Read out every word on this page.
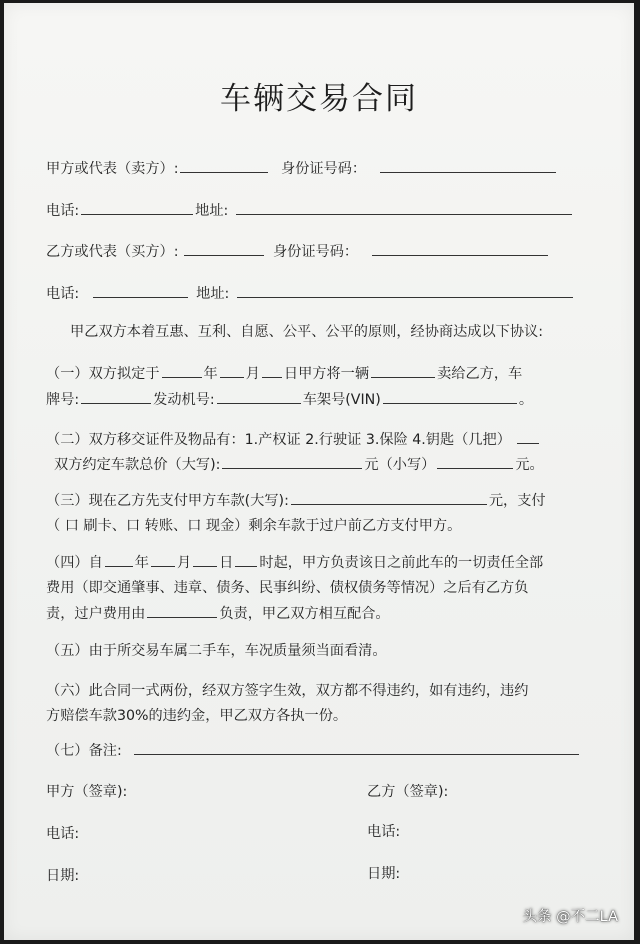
车辆交易合同
甲方或代表（卖方）:	身份证号码：
电话:	地址:
乙方或代表（买方）:	身份证号码：
电话:	地址:
甲乙双方本着互惠、互利、自愿、公平、公平的原则，经协商达成以下协议:
（一）双方拟定于	年 月 日甲方将一辆	卖给乙方，车
牌号:	发动机号:	车架号(VIN)	。
（二）双方移交证件及物品有：1.产权证 2.行驶证 3.保险 4.钥匙（几把）
双方约定车款总价（大写):	元（小写）	元。
（三）现在乙方先支付甲方车款(大写):	元，支付
（ 口 刷卡、口 转账、口 现金）剩余车款于过户前乙方支付甲方。
（四）自 年 月 日 时起，甲方负责该日之前此车的一切责任全部
费用（即交通肇事、违章、债务、民事纠纷、债权债务等情况）之后有乙方负
责，过户费用由	负责，甲乙双方相互配合。
（五）由于所交易车属二手车，车况质量须当面看清。
（六）此合同一式两份，经双方签字生效，双方都不得违约，如有违约，违约
方赔偿车款30%的违约金，甲乙双方各执一份。
（七）备注:
甲方（签章):	乙方（签章):
电话:	电话:
日期:	日期:
头条 @不二LA
